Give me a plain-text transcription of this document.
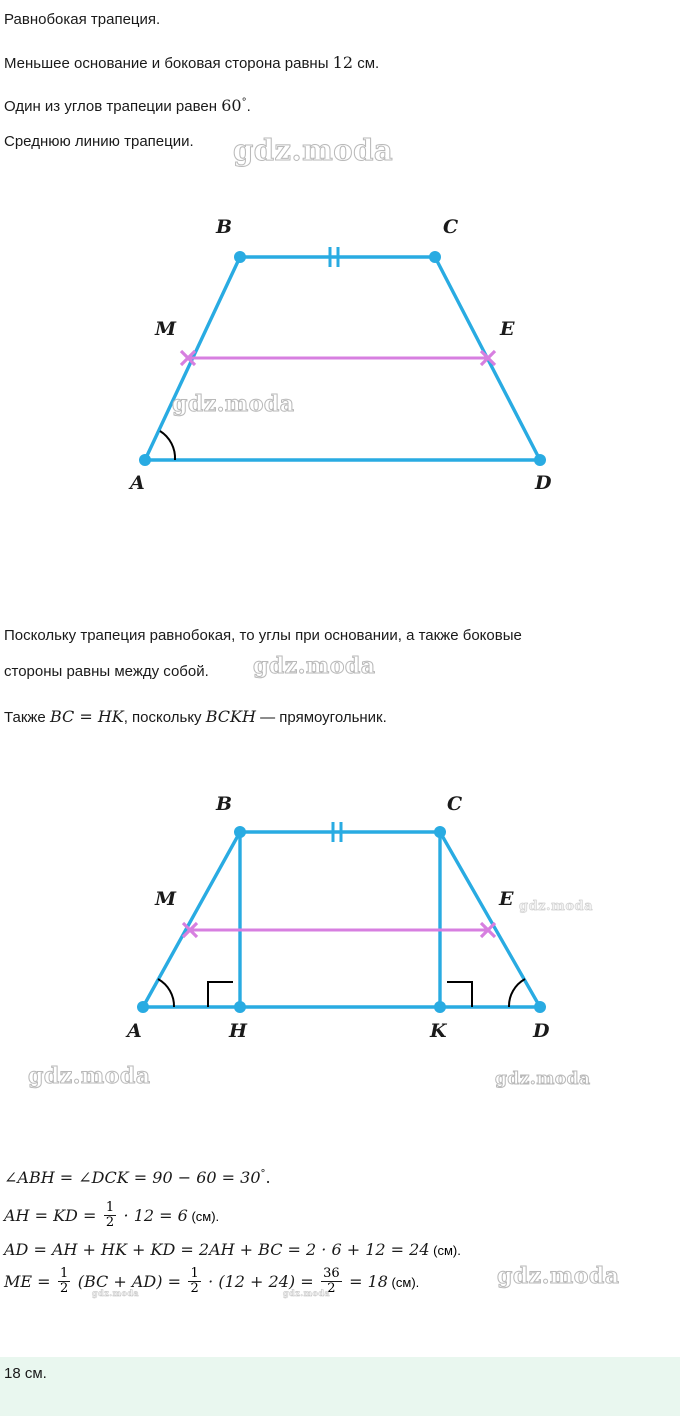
Равнобокая трапеция.
Меньшее основание и боковая сторона равны 12 см.
Один из углов трапеции равен 60°.
Среднюю линию трапеции. gdz.moda
B	C
M	E
A	D
gdz.moda
Поскольку трапеция равнобокая, то углы при основании, а также боковые
стороны равны между собой. gdz.moda
Также BC = HK, поскольку BCKH — прямоугольник.
B	C
M	E gdz.moda
A	H	K	D
gdz.moda	gdz.moda
∠ABH = ∠DCK = 90 − 60 = 30°.
AH = KD = $\frac{1}{2} \cdot 12 = 6$ (см).
AD = AH + HK + KD = 2AH + BC = 2 · 6 + 12 = 24 (см).
ME = $\frac{1}{2} (BC + AD) = \frac{1}{2} \cdot (12 + 24) = \frac{36}{2} = 18$ (см).
gdz.moda	gdz.moda
gdz.moda
18 см.
